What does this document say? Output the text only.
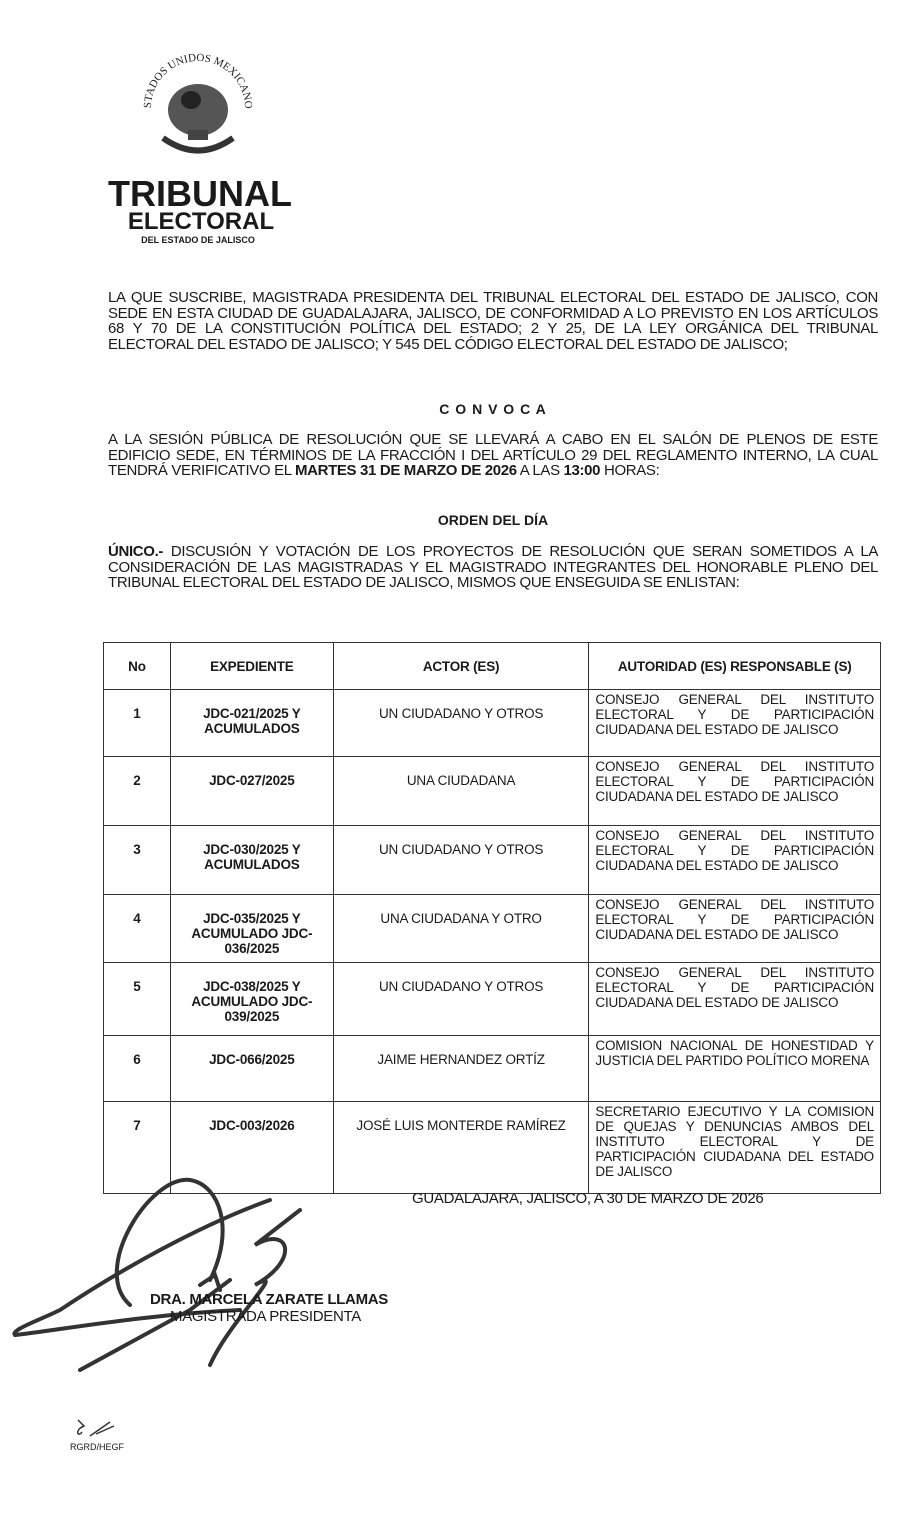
STADOS UNIDOS MEXICANO
TRIBUNAL
ELECTORAL
DEL ESTADO DE JALISCO
LA QUE SUSCRIBE, MAGISTRADA PRESIDENTA DEL TRIBUNAL ELECTORAL DEL ESTADO DE JALISCO, CON SEDE EN ESTA CIUDAD DE GUADALAJARA, JALISCO, DE CONFORMIDAD A LO PREVISTO EN LOS ARTÍCULOS 68 Y 70 DE LA CONSTITUCIÓN POLÍTICA DEL ESTADO; 2 Y 25, DE LA LEY ORGÁNICA DEL TRIBUNAL ELECTORAL DEL ESTADO DE JALISCO; Y 545 DEL CÓDIGO ELECTORAL DEL ESTADO DE JALISCO;
C O N V O C A
A LA SESIÓN PÚBLICA DE RESOLUCIÓN QUE SE LLEVARÁ A CABO EN EL SALÓN DE PLENOS DE ESTE EDIFICIO SEDE, EN TÉRMINOS DE LA FRACCIÓN I DEL ARTÍCULO 29 DEL REGLAMENTO INTERNO, LA CUAL TENDRÁ VERIFICATIVO EL MARTES 31 DE MARZO DE 2026 A LAS 13:00 HORAS:
ORDEN DEL DÍA
ÚNICO.- DISCUSIÓN Y VOTACIÓN DE LOS PROYECTOS DE RESOLUCIÓN QUE SERAN SOMETIDOS A LA CONSIDERACIÓN DE LAS MAGISTRADAS Y EL MAGISTRADO INTEGRANTES DEL HONORABLE PLENO DEL TRIBUNAL ELECTORAL DEL ESTADO DE JALISCO, MISMOS QUE ENSEGUIDA SE ENLISTAN:
No	EXPEDIENTE	ACTOR (ES)	AUTORIDAD (ES) RESPONSABLE (S)
1	JDC-021/2025 Y ACUMULADOS	UN CIUDADANO Y OTROS	CONSEJO GENERAL DEL INSTITUTO ELECTORAL Y DE PARTICIPACIÓN CIUDADANA DEL ESTADO DE JALISCO
2	JDC-027/2025	UNA CIUDADANA	CONSEJO GENERAL DEL INSTITUTO ELECTORAL Y DE PARTICIPACIÓN CIUDADANA DEL ESTADO DE JALISCO
3	JDC-030/2025 Y ACUMULADOS	UN CIUDADANO Y OTROS	CONSEJO GENERAL DEL INSTITUTO ELECTORAL Y DE PARTICIPACIÓN CIUDADANA DEL ESTADO DE JALISCO
4	JDC-035/2025 Y ACUMULADO JDC-036/2025	UNA CIUDADANA Y OTRO	CONSEJO GENERAL DEL INSTITUTO ELECTORAL Y DE PARTICIPACIÓN CIUDADANA DEL ESTADO DE JALISCO
5	JDC-038/2025 Y ACUMULADO JDC-039/2025	UN CIUDADANO Y OTROS	CONSEJO GENERAL DEL INSTITUTO ELECTORAL Y DE PARTICIPACIÓN CIUDADANA DEL ESTADO DE JALISCO
6	JDC-066/2025	JAIME HERNANDEZ ORTÍZ	COMISION NACIONAL DE HONESTIDAD Y JUSTICIA DEL PARTIDO POLÍTICO MORENA
7	JDC-003/2026	JOSÉ LUIS MONTERDE RAMÍREZ	SECRETARIO EJECUTIVO Y LA COMISION DE QUEJAS Y DENUNCIAS AMBOS DEL INSTITUTO ELECTORAL Y DE PARTICIPACIÓN CIUDADANA DEL ESTADO DE JALISCO
GUADALAJARA, JALISCO, A 30 DE MARZO DE 2026
DRA. MARCELA ZARATE LLAMAS
MAGISTRADA PRESIDENTA
RGRD/HEGF
